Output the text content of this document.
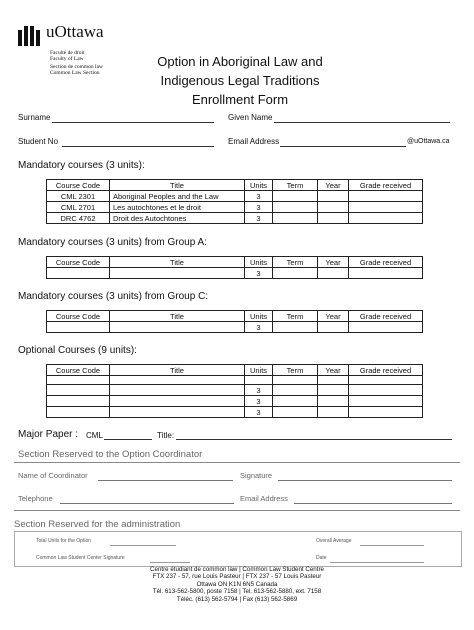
uOttawa
Faculté de droit
Faculty of Law
Section de common law
Common Law Section
Option in Aboriginal Law and
Indigenous Legal Traditions
Enrollment Form
Surname	Given Name
Student No	Email Address	@uOttawa.ca
Mandatory courses (3 units):
Course Code	Title	Units	Term	Year	Grade received
CML 2301	Aboriginal Peoples and the Law	3			
CML 2701	Les autochtones et le droit	3			
DRC 4762	Droit des Autochtones	3			
Mandatory courses (3 units) from Group A:
Course Code	Title	Units	Term	Year	Grade received
		3			
Mandatory courses (3 units) from Group C:
Course Code	Title	Units	Term	Year	Grade received
		3			
Optional Courses (9 units):
Course Code	Title	Units	Term	Year	Grade received

		3			
		3			
		3			
Major Paper : CML	Title:
Section Reserved to the Option Coordinator
Name of Coordinator	Signature
Telephone	Email Address
Section Reserved for the administration
Total Units for the Option	Overall Average
Common Law Student Center Signature	Date
Centre étudiant de common law | Common Law Student Centre
FTX 237 - 57, rue Louis Pasteur | FTX 237 - 57 Louis Pasteur
Ottawa ON K1N 6N5 Canada
Tél. 613-562-5800, poste 7158 | Tel. 613-562-5880, ext. 7158
Téléc. (613) 562-5794 | Fax (613) 562-5869
